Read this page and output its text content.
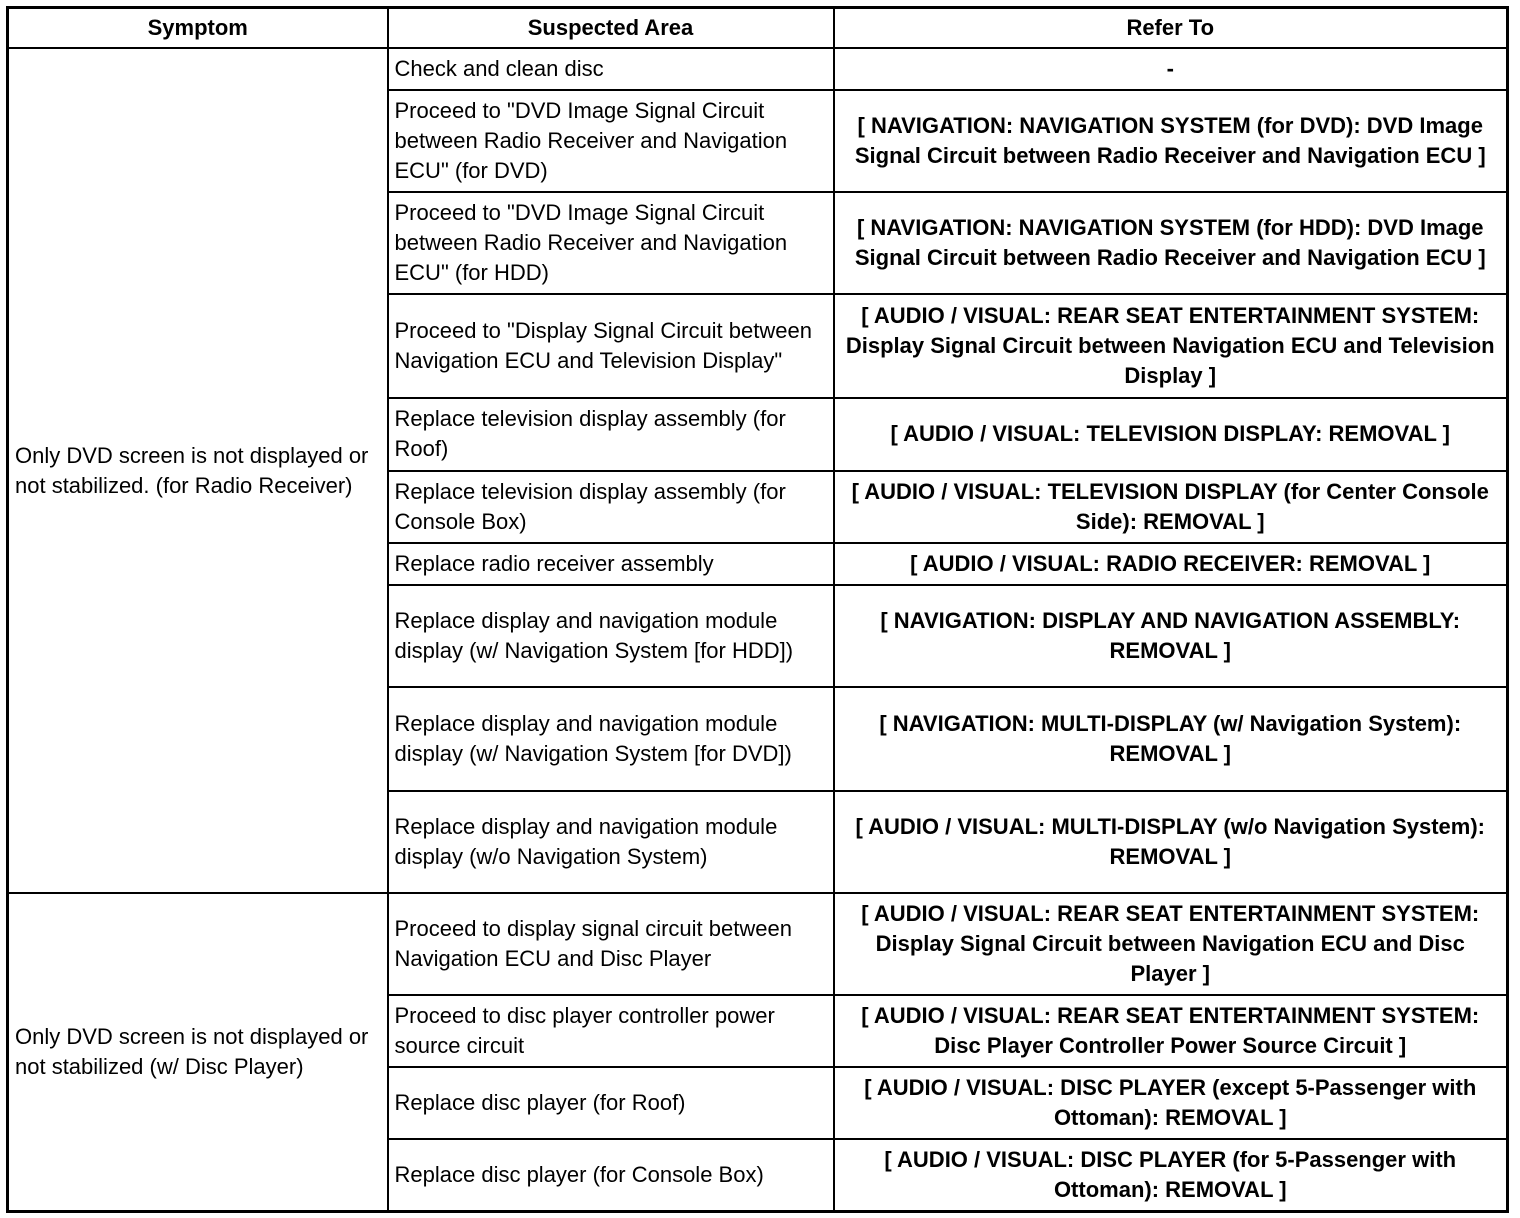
Symptom	Suspected Area	Refer To
Only DVD screen is not displayed or not stabilized. (for Radio Receiver)	Check and clean disc	-
	Proceed to "DVD Image Signal Circuit between Radio Receiver and Navigation ECU" (for DVD)	[ NAVIGATION: NAVIGATION SYSTEM (for DVD): DVD Image Signal Circuit between Radio Receiver and Navigation ECU ]
	Proceed to "DVD Image Signal Circuit between Radio Receiver and Navigation ECU" (for HDD)	[ NAVIGATION: NAVIGATION SYSTEM (for HDD): DVD Image Signal Circuit between Radio Receiver and Navigation ECU ]
	Proceed to "Display Signal Circuit between Navigation ECU and Television Display"	[ AUDIO / VISUAL: REAR SEAT ENTERTAINMENT SYSTEM: Display Signal Circuit between Navigation ECU and Television Display ]
	Replace television display assembly (for Roof)	[ AUDIO / VISUAL: TELEVISION DISPLAY: REMOVAL ]
	Replace television display assembly (for Console Box)	[ AUDIO / VISUAL: TELEVISION DISPLAY (for Center Console Side): REMOVAL ]
	Replace radio receiver assembly	[ AUDIO / VISUAL: RADIO RECEIVER: REMOVAL ]
	Replace display and navigation module display (w/ Navigation System [for HDD])	[ NAVIGATION: DISPLAY AND NAVIGATION ASSEMBLY: REMOVAL ]
	Replace display and navigation module display (w/ Navigation System [for DVD])	[ NAVIGATION: MULTI-DISPLAY (w/ Navigation System): REMOVAL ]
	Replace display and navigation module display (w/o Navigation System)	[ AUDIO / VISUAL: MULTI-DISPLAY (w/o Navigation System): REMOVAL ]
Only DVD screen is not displayed or not stabilized (w/ Disc Player)	Proceed to display signal circuit between Navigation ECU and Disc Player	[ AUDIO / VISUAL: REAR SEAT ENTERTAINMENT SYSTEM: Display Signal Circuit between Navigation ECU and Disc Player ]
	Proceed to disc player controller power source circuit	[ AUDIO / VISUAL: REAR SEAT ENTERTAINMENT SYSTEM: Disc Player Controller Power Source Circuit ]
	Replace disc player (for Roof)	[ AUDIO / VISUAL: DISC PLAYER (except 5-Passenger with Ottoman): REMOVAL ]
	Replace disc player (for Console Box)	[ AUDIO / VISUAL: DISC PLAYER (for 5-Passenger with Ottoman): REMOVAL ]
